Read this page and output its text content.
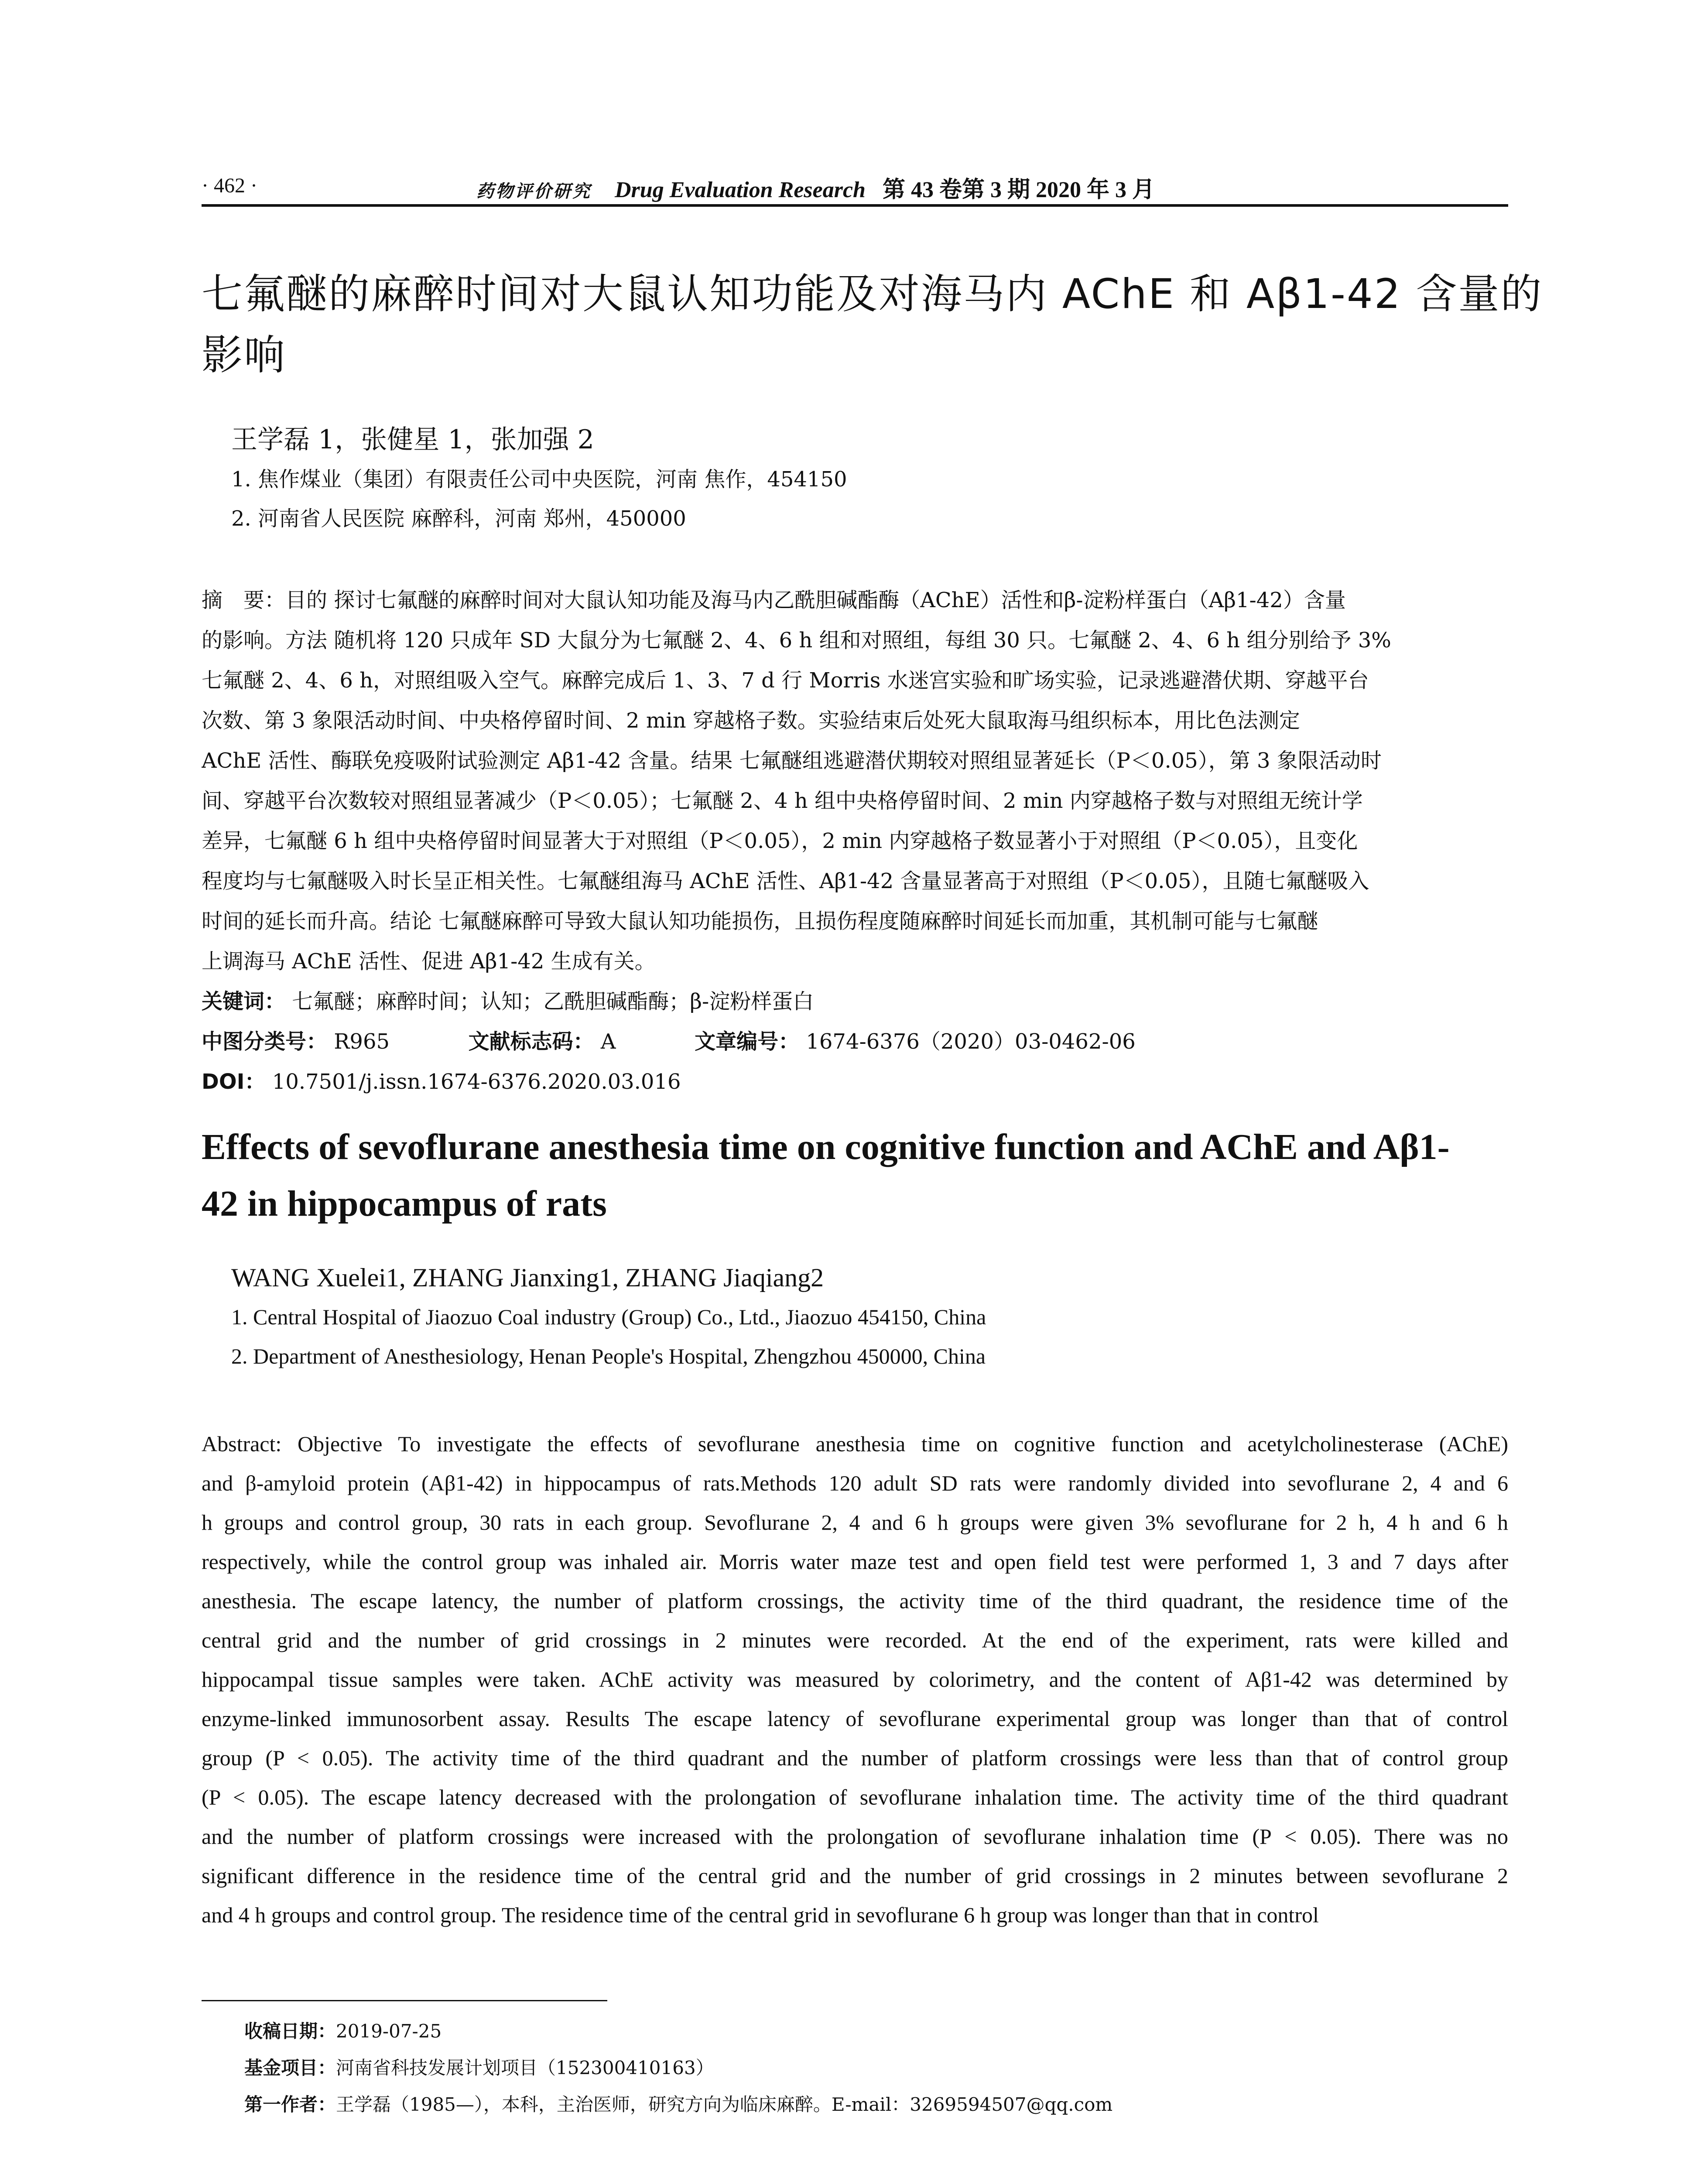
· 462 ·	药物评价研究 Drug Evaluation Research 第 43 卷第 3 期 2020 年 3 月
七氟醚的麻醉时间对大鼠认知功能及对海马内 AChE 和 Aβ1-42 含量的
影响
王学磊 1，张健星 1，张加强 2
1. 焦作煤业（集团）有限责任公司中央医院，河南 焦作，454150
2. 河南省人民医院 麻醉科，河南 郑州，450000
摘　要：目的 探讨七氟醚的麻醉时间对大鼠认知功能及海马内乙酰胆碱酯酶（AChE）活性和β-淀粉样蛋白（Aβ1-42）含量
的影响。方法 随机将 120 只成年 SD 大鼠分为七氟醚 2、4、6 h 组和对照组，每组 30 只。七氟醚 2、4、6 h 组分别给予 3%
七氟醚 2、4、6 h，对照组吸入空气。麻醉完成后 1、3、7 d 行 Morris 水迷宫实验和旷场实验，记录逃避潜伏期、穿越平台
次数、第 3 象限活动时间、中央格停留时间、2 min 穿越格子数。实验结束后处死大鼠取海马组织标本，用比色法测定
AChE 活性、酶联免疫吸附试验测定 Aβ1-42 含量。结果 七氟醚组逃避潜伏期较对照组显著延长（P＜0.05），第 3 象限活动时
间、穿越平台次数较对照组显著减少（P＜0.05）；七氟醚 2、4 h 组中央格停留时间、2 min 内穿越格子数与对照组无统计学
差异，七氟醚 6 h 组中央格停留时间显著大于对照组（P＜0.05），2 min 内穿越格子数显著小于对照组（P＜0.05），且变化
程度均与七氟醚吸入时长呈正相关性。七氟醚组海马 AChE 活性、Aβ1-42 含量显著高于对照组（P＜0.05），且随七氟醚吸入
时间的延长而升高。结论 七氟醚麻醉可导致大鼠认知功能损伤，且损伤程度随麻醉时间延长而加重，其机制可能与七氟醚
上调海马 AChE 活性、促进 Aβ1-42 生成有关。
关键词： 七氟醚；麻醉时间；认知；乙酰胆碱酯酶；β-淀粉样蛋白
中图分类号： R965	文献标志码： A	文章编号： 1674-6376（2020）03-0462-06
DOI： 10.7501/j.issn.1674-6376.2020.03.016
Effects of sevoflurane anesthesia time on cognitive function and AChE and Aβ1-
42 in hippocampus of rats
WANG Xuelei1, ZHANG Jianxing1, ZHANG Jiaqiang2
1. Central Hospital of Jiaozuo Coal industry (Group) Co., Ltd., Jiaozuo 454150, China
2. Department of Anesthesiology, Henan People's Hospital, Zhengzhou 450000, China
Abstract: Objective To investigate the effects of sevoflurane anesthesia time on cognitive function and acetylcholinesterase (AChE)
and β-amyloid protein (Aβ1-42) in hippocampus of rats.Methods 120 adult SD rats were randomly divided into sevoflurane 2, 4 and 6
h groups and control group, 30 rats in each group. Sevoflurane 2, 4 and 6 h groups were given 3% sevoflurane for 2 h, 4 h and 6 h
respectively, while the control group was inhaled air. Morris water maze test and open field test were performed 1, 3 and 7 days after
anesthesia. The escape latency, the number of platform crossings, the activity time of the third quadrant, the residence time of the
central grid and the number of grid crossings in 2 minutes were recorded. At the end of the experiment, rats were killed and
hippocampal tissue samples were taken. AChE activity was measured by colorimetry, and the content of Aβ1-42 was determined by
enzyme-linked immunosorbent assay. Results The escape latency of sevoflurane experimental group was longer than that of control
group (P < 0.05). The activity time of the third quadrant and the number of platform crossings were less than that of control group
(P < 0.05). The escape latency decreased with the prolongation of sevoflurane inhalation time. The activity time of the third quadrant
and the number of platform crossings were increased with the prolongation of sevoflurane inhalation time (P < 0.05). There was no
significant difference in the residence time of the central grid and the number of grid crossings in 2 minutes between sevoflurane 2
and 4 h groups and control group. The residence time of the central grid in sevoflurane 6 h group was longer than that in control
收稿日期：2019-07-25
基金项目：河南省科技发展计划项目（152300410163）
第一作者：王学磊（1985—），本科，主治医师，研究方向为临床麻醉。E-mail：3269594507@qq.com
